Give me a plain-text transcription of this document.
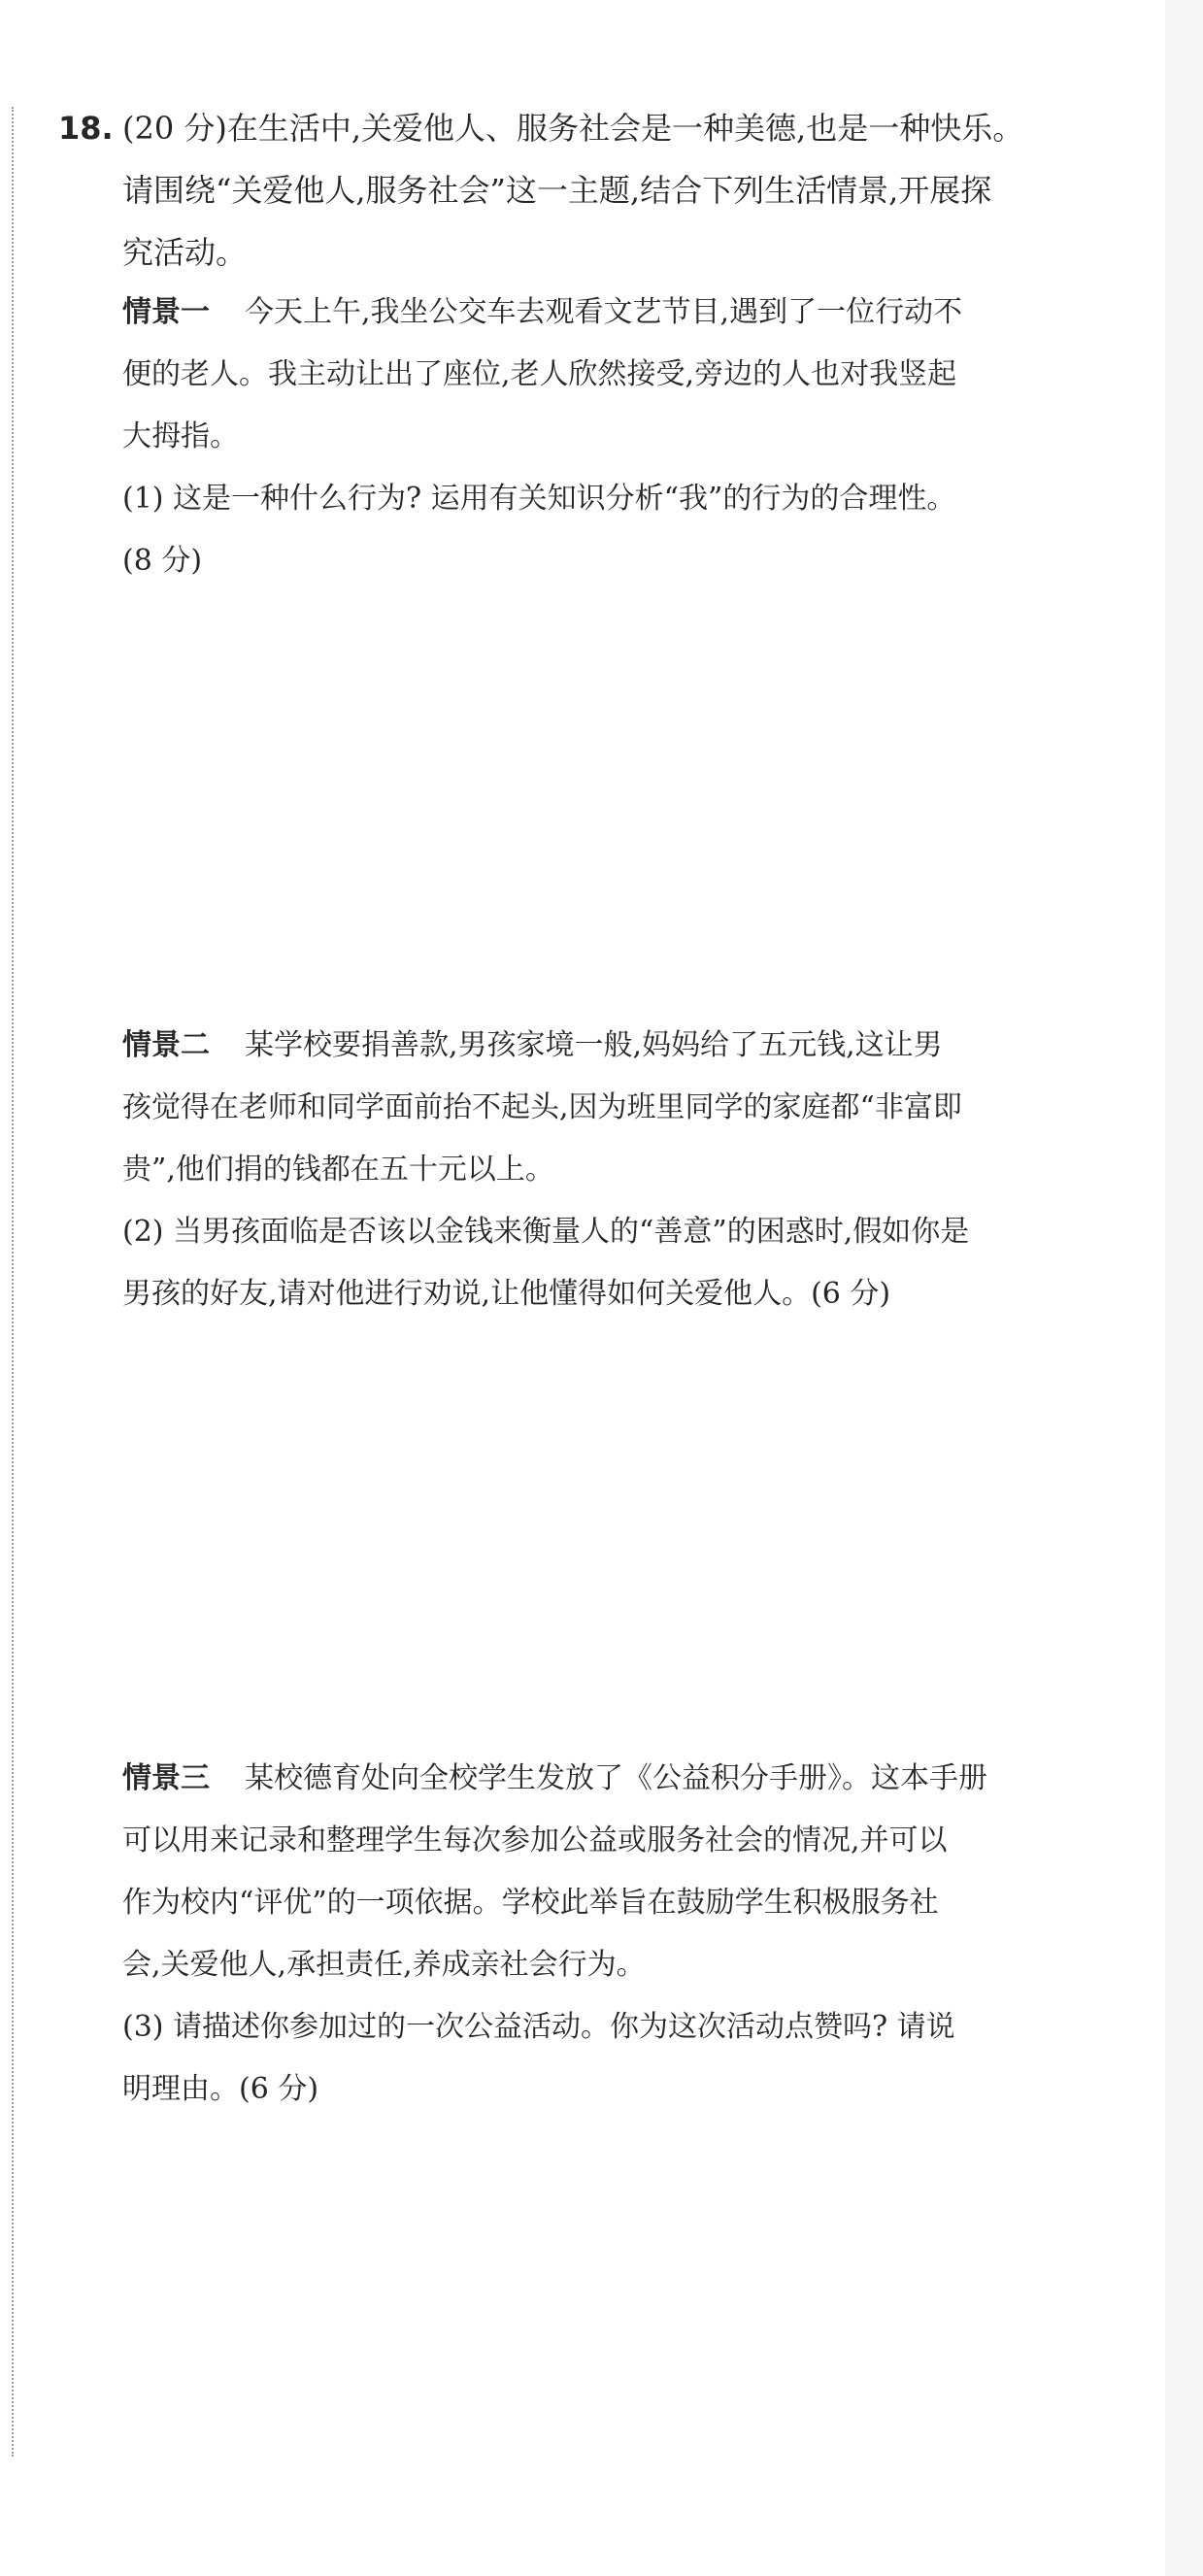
18. (20 分)在生活中,关爱他人、服务社会是一种美德,也是一种快乐。
请围绕“关爱他人,服务社会”这一主题,结合下列生活情景,开展探
究活动。
情景一 今天上午,我坐公交车去观看文艺节目,遇到了一位行动不
便的老人。我主动让出了座位,老人欣然接受,旁边的人也对我竖起
大拇指。
(1) 这是一种什么行为? 运用有关知识分析“我”的行为的合理性。
(8 分)
情景二 某学校要捐善款,男孩家境一般,妈妈给了五元钱,这让男
孩觉得在老师和同学面前抬不起头,因为班里同学的家庭都“非富即
贵”,他们捐的钱都在五十元以上。
(2) 当男孩面临是否该以金钱来衡量人的“善意”的困惑时,假如你是
男孩的好友,请对他进行劝说,让他懂得如何关爱他人。(6 分)
情景三 某校德育处向全校学生发放了《公益积分手册》。这本手册
可以用来记录和整理学生每次参加公益或服务社会的情况,并可以
作为校内“评优”的一项依据。学校此举旨在鼓励学生积极服务社
会,关爱他人,承担责任,养成亲社会行为。
(3) 请描述你参加过的一次公益活动。你为这次活动点赞吗? 请说
明理由。(6 分)
